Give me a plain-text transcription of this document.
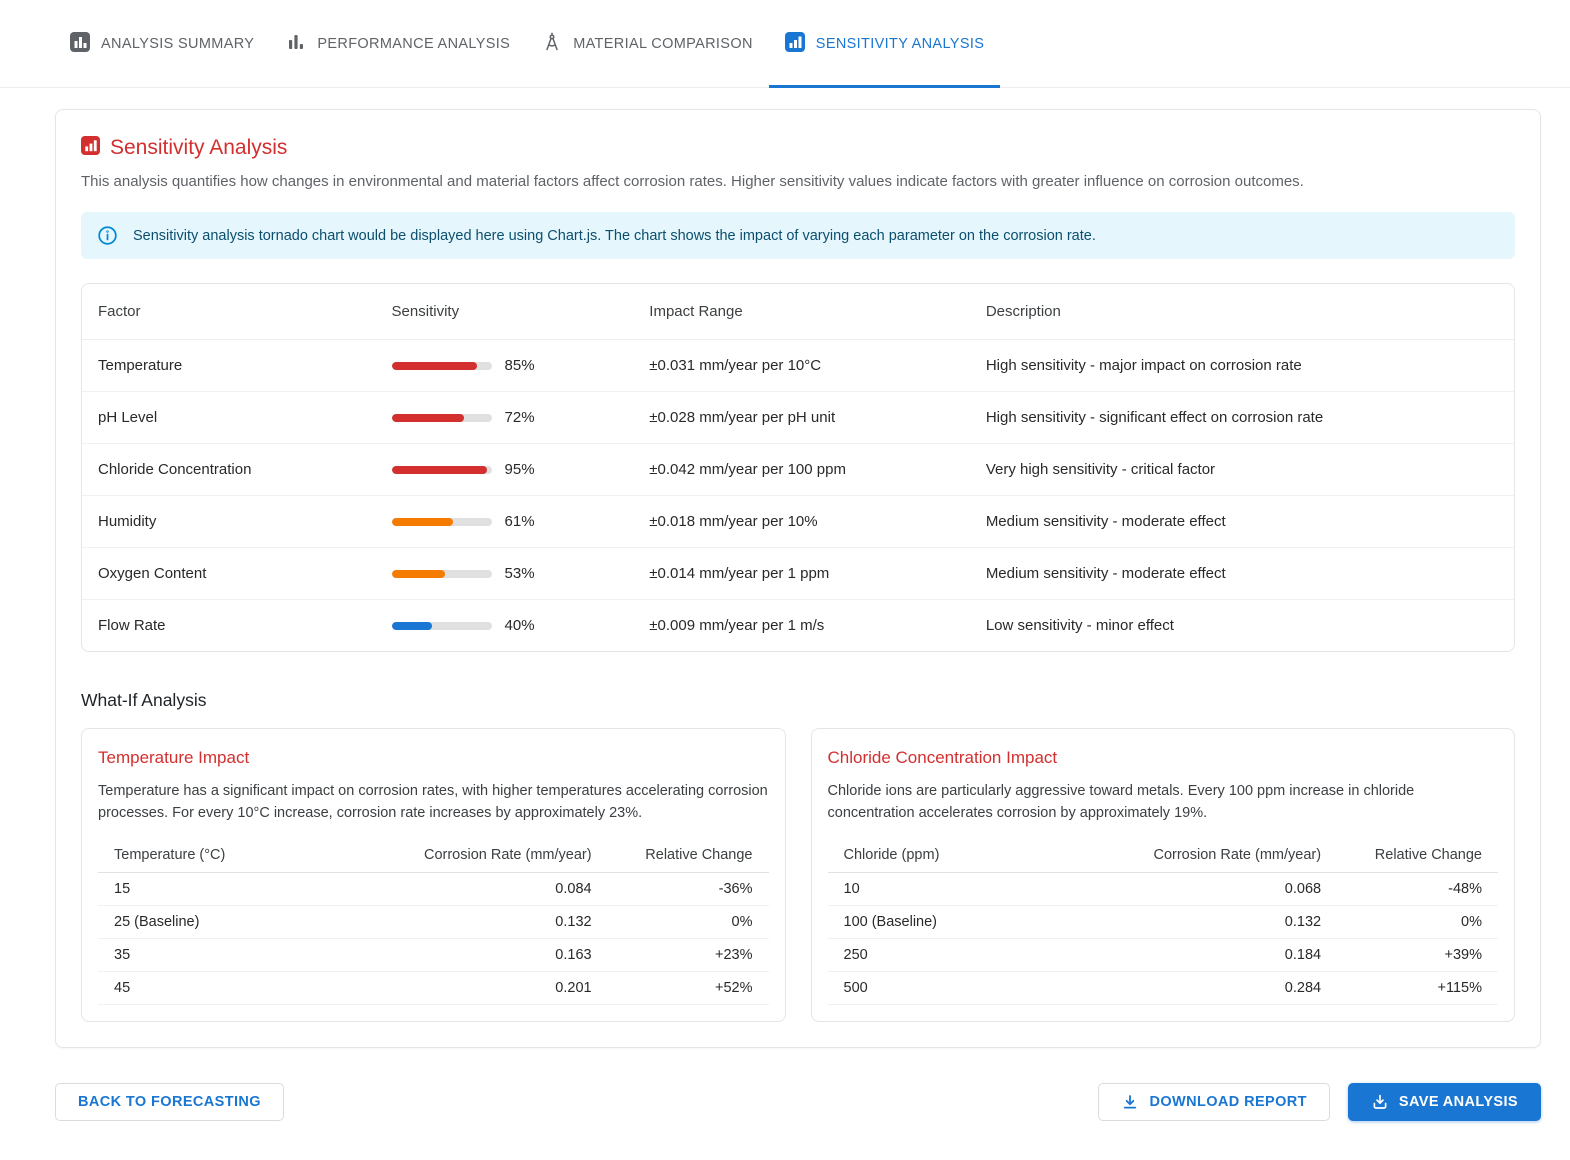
ANALYSIS SUMMARY	PERFORMANCE ANALYSIS	MATERIAL COMPARISON	SENSITIVITY ANALYSIS
Sensitivity Analysis
This analysis quantifies how changes in environmental and material factors affect corrosion rates. Higher sensitivity values indicate factors with greater influence on corrosion outcomes.
Sensitivity analysis tornado chart would be displayed here using Chart.js. The chart shows the impact of varying each parameter on the corrosion rate.
Factor	Sensitivity	Impact Range	Description
Temperature	85%	±0.031 mm/year per 10°C	High sensitivity - major impact on corrosion rate
pH Level	72%	±0.028 mm/year per pH unit	High sensitivity - significant effect on corrosion rate
Chloride Concentration	95%	±0.042 mm/year per 100 ppm	Very high sensitivity - critical factor
Humidity	61%	±0.018 mm/year per 10%	Medium sensitivity - moderate effect
Oxygen Content	53%	±0.014 mm/year per 1 ppm	Medium sensitivity - moderate effect
Flow Rate	40%	±0.009 mm/year per 1 m/s	Low sensitivity - minor effect
What-If Analysis
Temperature Impact

Temperature has a significant impact on corrosion rates, with higher temperatures accelerating corrosion processes. For every 10°C increase, corrosion rate increases by approximately 23%.

Temperature (°C)	Corrosion Rate (mm/year)	Relative Change
15	0.084	-36%
25 (Baseline)	0.132	0%
35	0.163	+23%
45	0.201	+52%
Chloride Concentration Impact

Chloride ions are particularly aggressive toward metals. Every 100 ppm increase in chloride concentration accelerates corrosion by approximately 19%.

Chloride (ppm)	Corrosion Rate (mm/year)	Relative Change
10	0.068	-48%
100 (Baseline)	0.132	0%
250	0.184	+39%
500	0.284	+115%
BACK TO FORECASTING	DOWNLOAD REPORT	SAVE ANALYSIS
